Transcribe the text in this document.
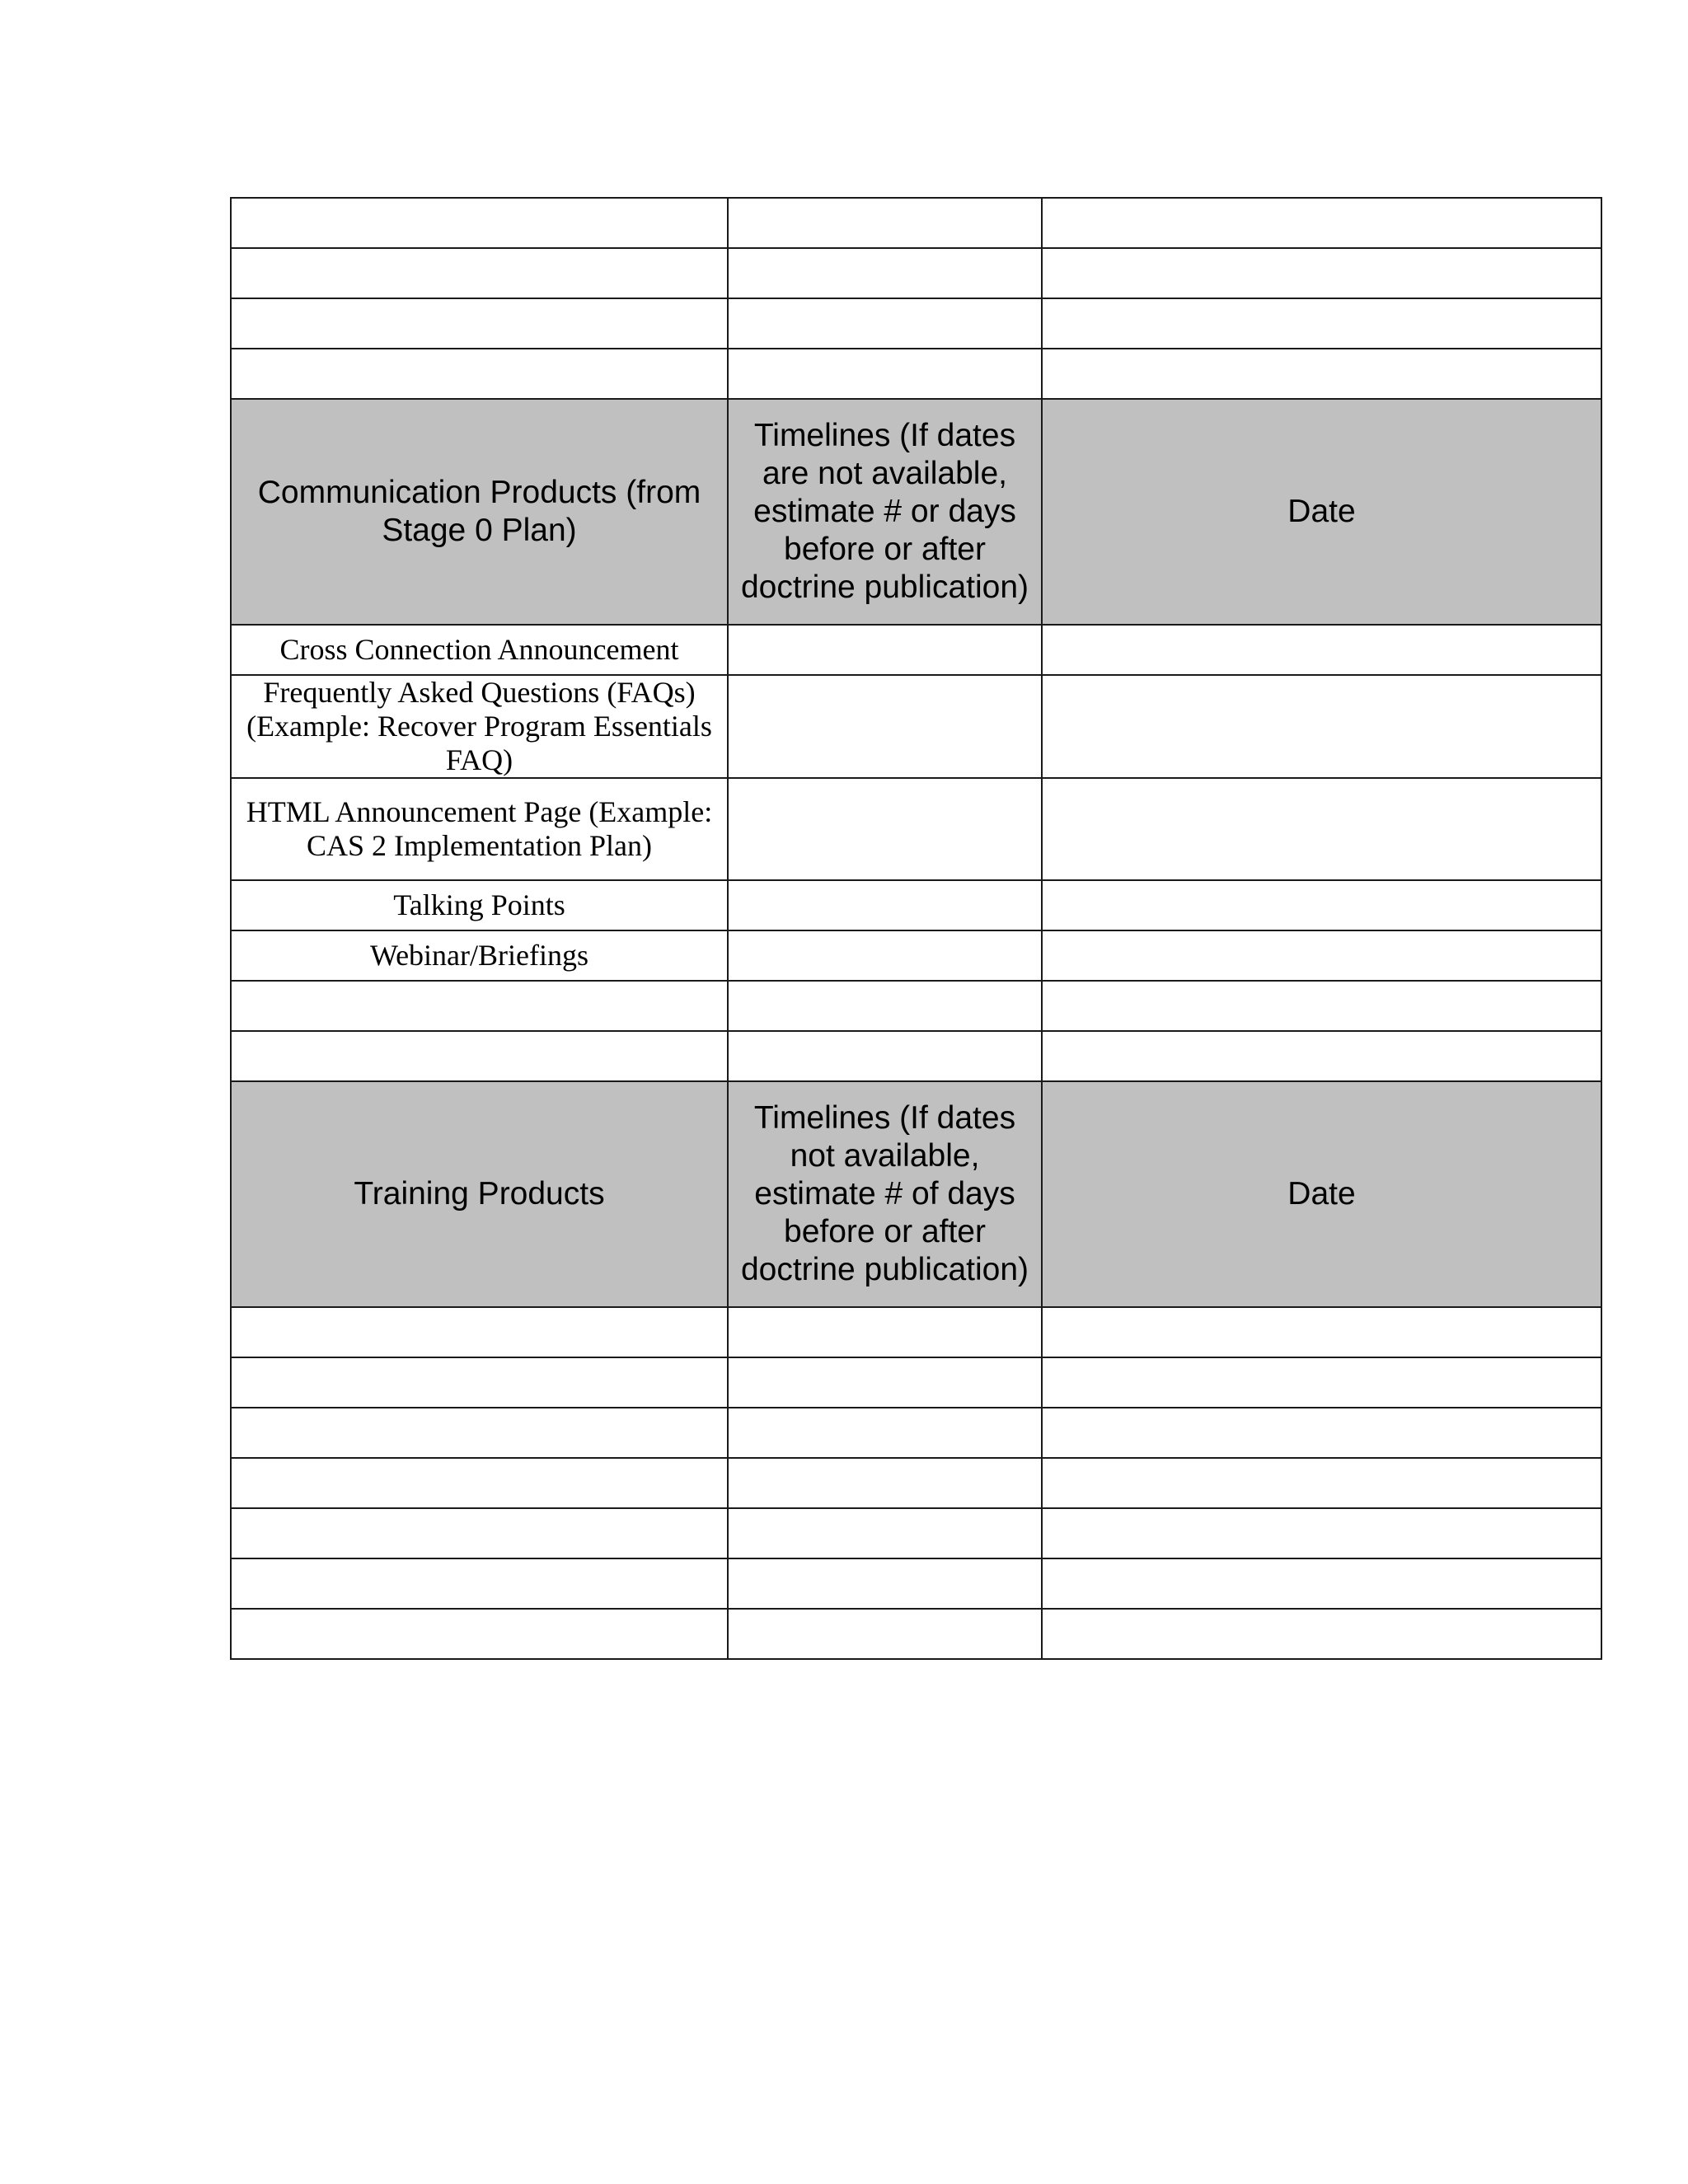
Communication Products (from Stage 0 Plan)	Timelines (If dates are not available, estimate # or days before or after doctrine publication)	Date
Cross Connection Announcement		
Frequently Asked Questions (FAQs) (Example: Recover Program Essentials FAQ)		
HTML Announcement Page (Example: CAS 2 Implementation Plan)		
Talking Points		
Webinar/Briefings		

Training Products	Timelines (If dates not available, estimate # of days before or after doctrine publication)	Date
